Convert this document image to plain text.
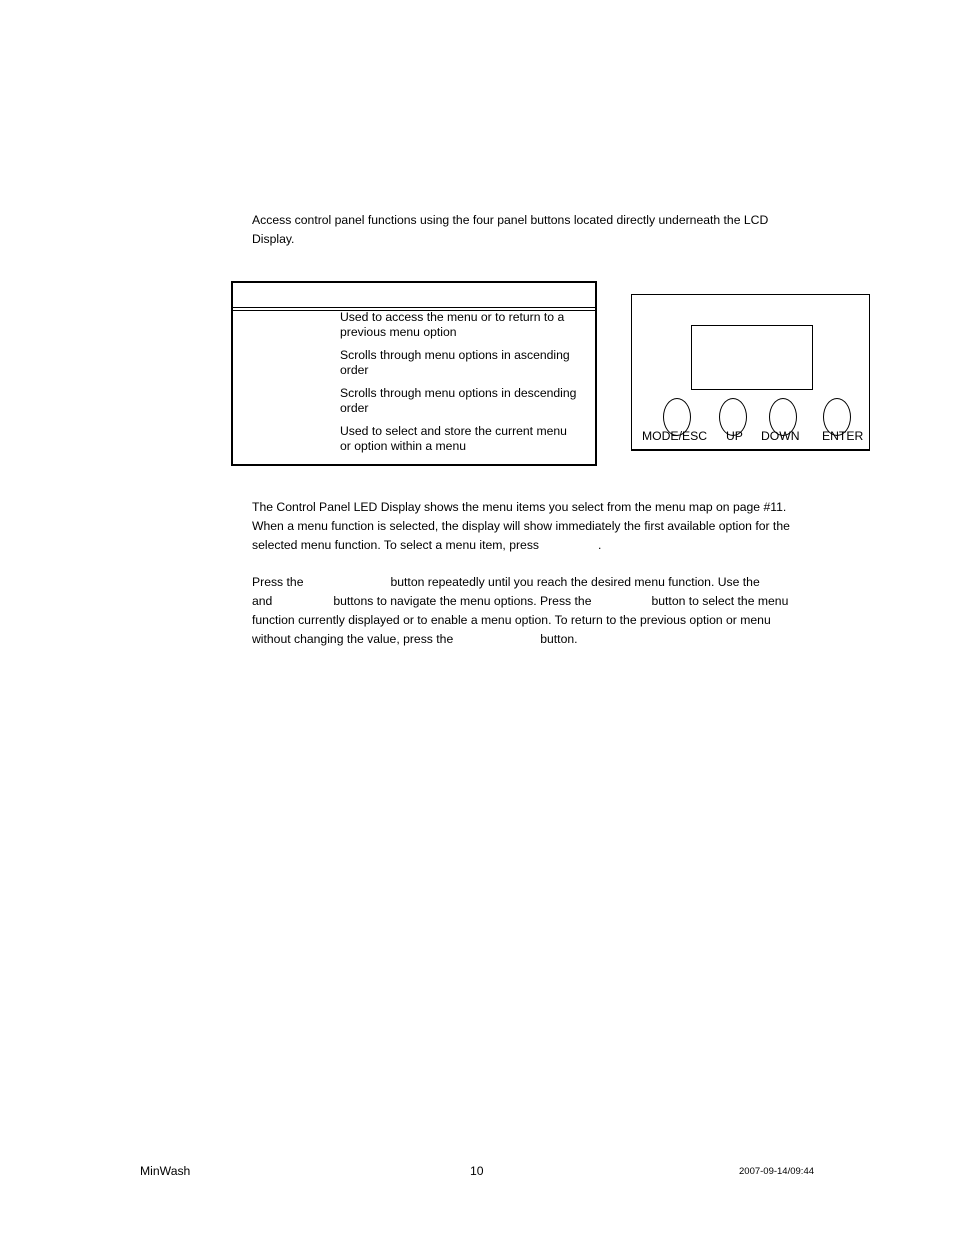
Access control panel functions using the four panel buttons located directly underneath the LCD
Display.
Used to access the menu or to return to a
previous menu option
Scrolls through menu options in ascending
order
Scrolls through menu options in descending
order
Used to select and store the current menu
or option within a menu
MODE/ESC UP DOWN ENTER
The Control Panel LED Display shows the menu items you select from the menu map on page #11.
When a menu function is selected, the display will show immediately the first available option for the
selected menu function. To select a menu item, press	.
Press the	button repeatedly until you reach the desired menu function. Use the
and	buttons to navigate the menu options. Press the	button to select the menu
function currently displayed or to enable a menu option. To return to the previous option or menu
without changing the value, press the	button.
MinWash	10	2007-09-14/09:44
